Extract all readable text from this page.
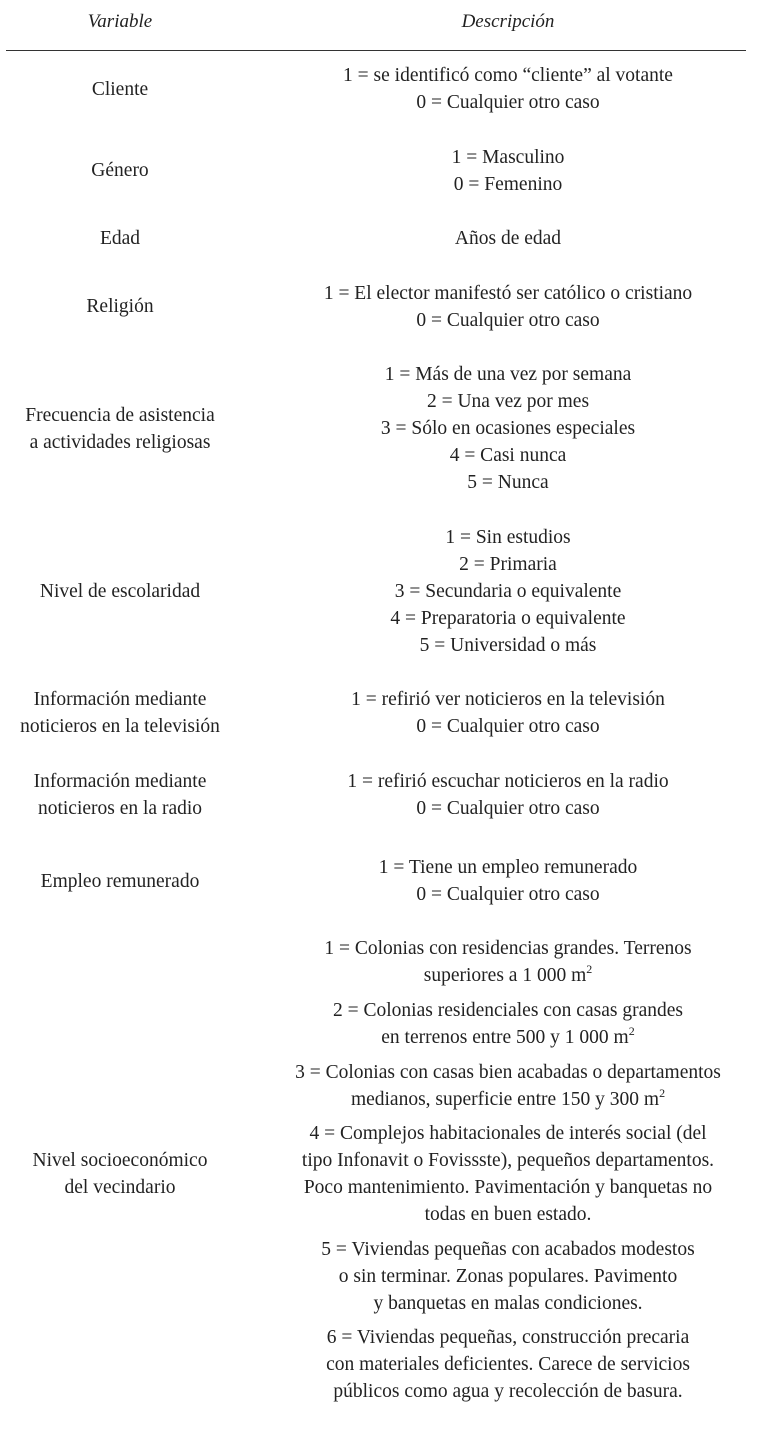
Variable	Descripción
Cliente
1 = se identificó como “cliente” al votante
0 = Cualquier otro caso
Género
1 = Masculino
0 = Femenino
Edad	Años de edad
Religión
1 = El elector manifestó ser católico o cristiano
0 = Cualquier otro caso
Frecuencia de asistencia
a actividades religiosas
1 = Más de una vez por semana
2 = Una vez por mes
3 = Sólo en ocasiones especiales
4 = Casi nunca
5 = Nunca
Nivel de escolaridad
1 = Sin estudios
2 = Primaria
3 = Secundaria o equivalente
4 = Preparatoria o equivalente
5 = Universidad o más
Información mediante
noticieros en la televisión
1 = refirió ver noticieros en la televisión
0 = Cualquier otro caso
Información mediante
noticieros en la radio
1 = refirió escuchar noticieros en la radio
0 = Cualquier otro caso
Empleo remunerado
1 = Tiene un empleo remunerado
0 = Cualquier otro caso
Nivel socioeconómico
del vecindario
1 = Colonias con residencias grandes. Terrenos
superiores a 1 000 $m^2$
2 = Colonias residenciales con casas grandes
en terrenos entre 500 y 1 000 $m^2$
3 = Colonias con casas bien acabadas o departamentos
medianos, superficie entre 150 y 300 $m^2$
4 = Complejos habitacionales de interés social (del
tipo Infonavit o Fovissste), pequeños departamentos.
Poco mantenimiento. Pavimentación y banquetas no
todas en buen estado.
5 = Viviendas pequeñas con acabados modestos
o sin terminar. Zonas populares. Pavimento
y banquetas en malas condiciones.
6 = Viviendas pequeñas, construcción precaria
con materiales deficientes. Carece de servicios
públicos como agua y recolección de basura.
